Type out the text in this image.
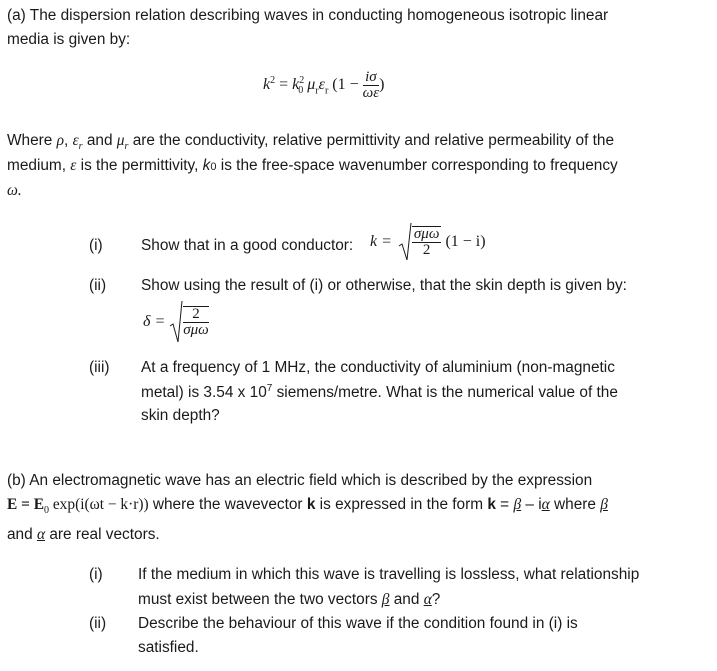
(a) The dispersion relation describing waves in conducting homogeneous isotropic linear
media is given by:
$k^2 = k^2_0$ $\mu_r\varepsilon_r$ ($1 - \frac{i\sigma}{\omega\varepsilon}$ )
Where ρ, $\varepsilon_r$ and $\mu_r$ are the conductivity, relative permittivity and relative permeability of the
medium, ε is the permittivity, k0 is the free-space wavenumber corresponding to frequency
ω.
(i) Show that in a good conductor: $k = \frac{\text{σμω}}{2} (1 - i)$
(ii) Show using the result of (i) or otherwise, that the skin depth is given by:
$\delta = \frac{2}{\text{σμω}}$
(iii) At a frequency of 1 MHz, the conductivity of aluminium (non-magnetic
metal) is 3.54 x $10^7$ siemens/metre. What is the numerical value of the
skin depth?
(b) An electromagnetic wave has an electric field which is described by the expression
$E = E_0$ exp(i(ωt − k·r)) where the wavevector k is expressed in the form k = β – iα where β
and α are real vectors.
(i) If the medium in which this wave is travelling is lossless, what relationship
must exist between the two vectors β and α?
(ii) Describe the behaviour of this wave if the condition found in (i) is
satisfied.
